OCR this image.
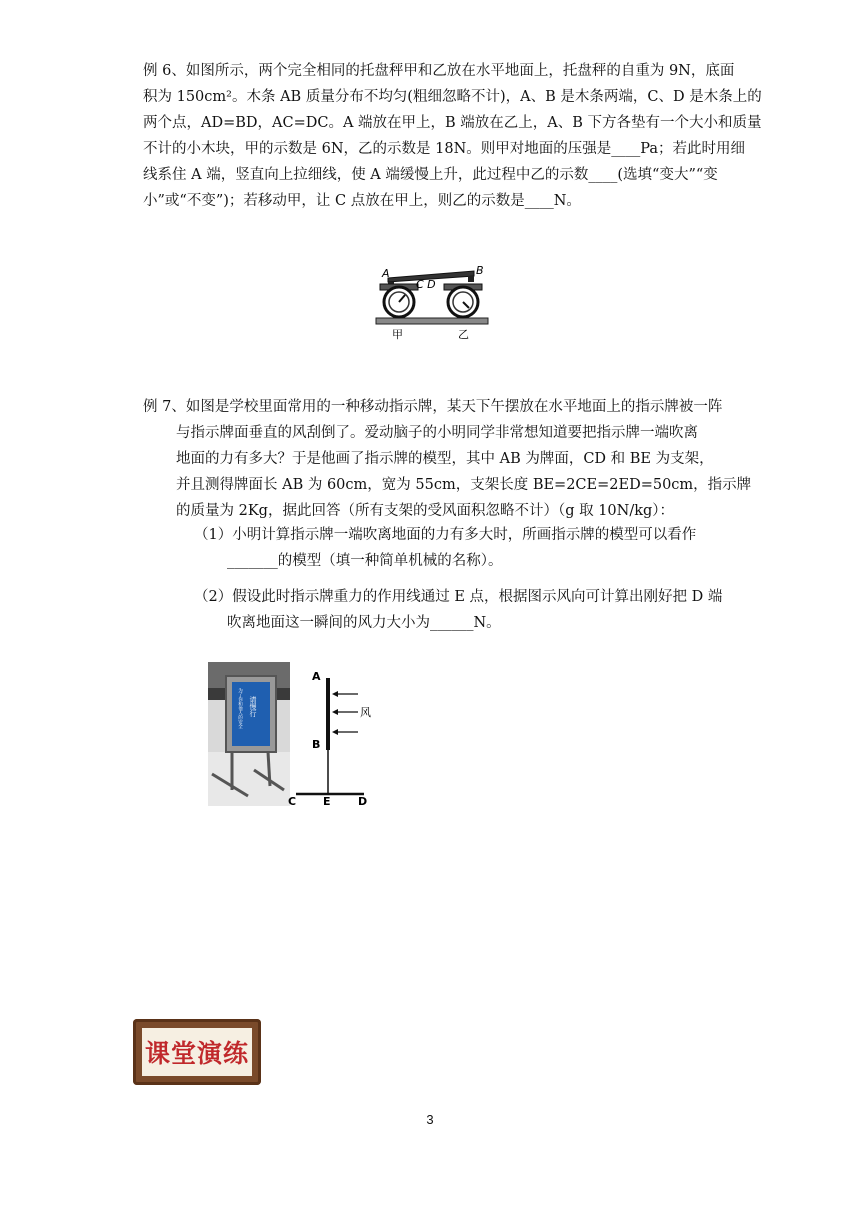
例 6、如图所示，两个完全相同的托盘秤甲和乙放在水平地面上，托盘秤的自重为 9N，底面
积为 150cm²。木条 AB 质量分布不均匀(粗细忽略不计)，A、B 是木条两端，C、D 是木条上的
两个点，AD=BD，AC=DC。A 端放在甲上，B 端放在乙上，A、B 下方各垫有一个大小和质量
不计的小木块，甲的示数是 6N，乙的示数是 18N。则甲对地面的压强是____Pa；若此时用细
线系住 A 端，竖直向上拉细线，使 A 端缓慢上升，此过程中乙的示数____(选填“变大”“变
小”或“不变”)；若移动甲，让 C 点放在甲上，则乙的示数是____N。
A	B
C D
甲	乙
例 7、如图是学校里面常用的一种移动指示牌，某天下午摆放在水平地面上的指示牌被一阵
与指示牌面垂直的风刮倒了。爱动脑子的小明同学非常想知道要把指示牌一端吹离
地面的力有多大？于是他画了指示牌的模型，其中 AB 为牌面，CD 和 BE 为支架，
并且测得牌面长 AB 为 60cm，宽为 55cm，支架长度 BE=2CE=2ED=50cm，指示牌
的质量为 2Kg，据此回答（所有支架的受风面积忽略不计）（g 取 10N/kg）：
（1）小明计算指示牌一端吹离地面的力有多大时，所画指示牌的模型可以看作
_______的模型（填一种简单机械的名称）。
（2）假设此时指示牌重力的作用线通过 E 点，根据图示风向可计算出刚好把 D 端
吹离地面这一瞬间的风力大小为______N。
为了你和他人的安全 请慢行
A
B
风
C E D
课堂演练
3
